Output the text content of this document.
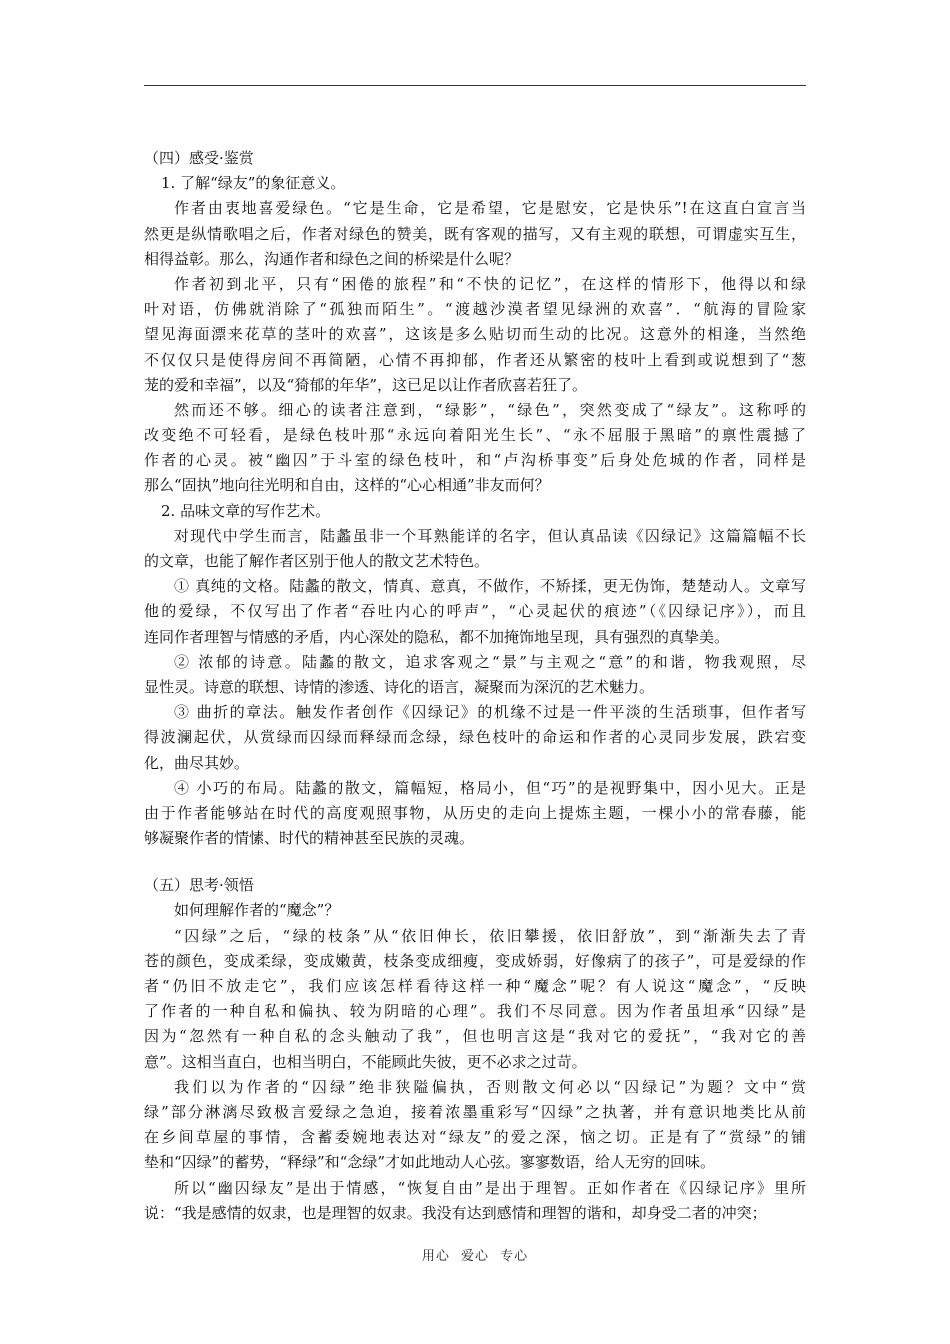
（四）感受·鉴赏
1. 了解“绿友”的象征意义。
作者由衷地喜爱绿色。“它是生命，它是希望，它是慰安，它是快乐”!在这直白宣言当
然更是纵情歌唱之后，作者对绿色的赞美，既有客观的描写，又有主观的联想，可谓虚实互生，
相得益彰。那么，沟通作者和绿色之间的桥梁是什么呢？
作者初到北平，只有“困倦的旅程”和“不快的记忆”，在这样的情形下，他得以和绿
叶对语，仿佛就消除了“孤独而陌生”。“渡越沙漠者望见绿洲的欢喜”．“航海的冒险家
望见海面漂来花草的茎叶的欢喜”，这该是多么贴切而生动的比况。这意外的相逢，当然绝
不仅仅只是使得房间不再简陋，心情不再抑郁，作者还从繁密的枝叶上看到或说想到了“葱
茏的爱和幸福”，以及“猗郁的年华”，这已足以让作者欣喜若狂了。
然而还不够。细心的读者注意到，“绿影”，“绿色”，突然变成了“绿友”。这称呼的
改变绝不可轻看，是绿色枝叶那“永远向着阳光生长”、“永不屈服于黑暗”的禀性震撼了
作者的心灵。被“幽囚”于斗室的绿色枝叶，和“卢沟桥事变”后身处危城的作者，同样是
那么“固执”地向往光明和自由，这样的“心心相通”非友而何？
2. 品味文章的写作艺术。
对现代中学生而言，陆蠡虽非一个耳熟能详的名字，但认真品读《囚绿记》这篇篇幅不长
的文章，也能了解作者区别于他人的散文艺术特色。
① 真纯的文格。陆蠡的散文，情真、意真，不做作，不矫揉，更无伪饰，楚楚动人。文章写
他的爱绿，不仅写出了作者“吞吐内心的呼声”，“心灵起伏的痕迹”（《囚绿记序》），而且
连同作者理智与情感的矛盾，内心深处的隐私，都不加掩饰地呈现，具有强烈的真挚美。
② 浓郁的诗意。陆蠡的散文，追求客观之“景”与主观之“意”的和谐，物我观照，尽
显性灵。诗意的联想、诗情的渗透、诗化的语言，凝聚而为深沉的艺术魅力。
③ 曲折的章法。触发作者创作《囚绿记》的机缘不过是一件平淡的生活琐事，但作者写
得波澜起伏，从赏绿而囚绿而释绿而念绿，绿色枝叶的命运和作者的心灵同步发展，跌宕变
化，曲尽其妙。
④ 小巧的布局。陆蠡的散文，篇幅短，格局小，但“巧”的是视野集中，因小见大。正是
由于作者能够站在时代的高度观照事物，从历史的走向上提炼主题，一棵小小的常春藤，能
够凝聚作者的情愫、时代的精神甚至民族的灵魂。
（五）思考·领悟
如何理解作者的“魔念”？
“囚绿”之后，“绿的枝条”从“依旧伸长，依旧攀援，依旧舒放”，到“渐渐失去了青
苍的颜色，变成柔绿，变成嫩黄，枝条变成细瘦，变成娇弱，好像病了的孩子”，可是爱绿的作
者“仍旧不放走它”，我们应该怎样看待这样一种“魔念”呢？有人说这“魔念”，“反映
了作者的一种自私和偏执、较为阴暗的心理”。我们不尽同意。因为作者虽坦承“囚绿”是
因为“忽然有一种自私的念头触动了我”，但也明言这是“我对它的爱抚”，“我对它的善
意”。这相当直白，也相当明白，不能顾此失彼，更不必求之过苛。
我们以为作者的“囚绿”绝非狭隘偏执，否则散文何必以“囚绿记”为题？文中“赏
绿”部分淋漓尽致极言爱绿之急迫，接着浓墨重彩写“囚绿”之执著，并有意识地类比从前
在乡间草屋的事情，含蓄委婉地表达对“绿友”的爱之深，恼之切。正是有了“赏绿”的铺
垫和“囚绿”的蓄势，“释绿”和“念绿”才如此地动人心弦。寥寥数语，给人无穷的回味。
所以“幽囚绿友”是出于情感，“恢复自由”是出于理智。正如作者在《囚绿记序》里所
说：“我是感情的奴隶，也是理智的奴隶。我没有达到感情和理智的谐和，却身受二者的冲突；
用心 爱心 专心
